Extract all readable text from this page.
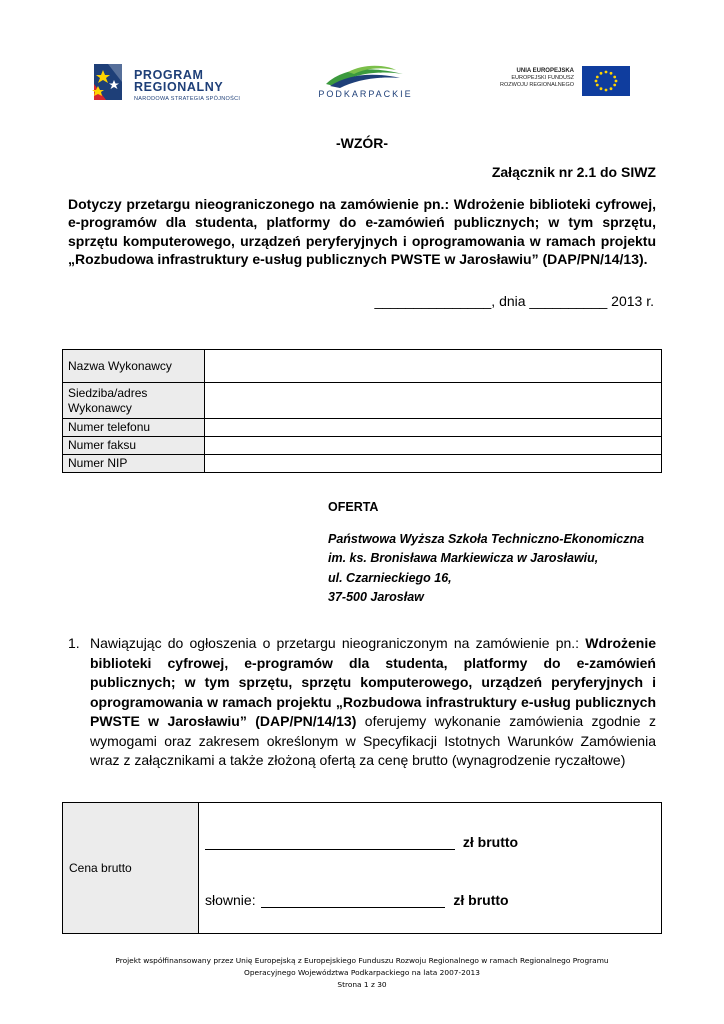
PROGRAM
REGIONALNY
NARODOWA STRATEGIA SPÓJNOŚCI	PODKARPACKIE
UNIA EUROPEJSKA
EUROPEJSKI FUNDUSZ
ROZWOJU REGIONALNEGO
-WZÓR-
Załącznik nr 2.1 do SIWZ
Dotyczy przetargu nieograniczonego na zamówienie pn.: Wdrożenie biblioteki cyfrowej, e-programów dla studenta, platformy do e-zamówień publicznych; w tym sprzętu, sprzętu komputerowego, urządzeń peryferyjnych i oprogramowania w ramach projektu „Rozbudowa infrastruktury e-usług publicznych PWSTE w Jarosławiu” (DAP/PN/14/13).
_______________, dnia __________ 2013 r.
Nazwa Wykonawcy	
Siedziba/adres Wykonawcy	
Numer telefonu	
Numer faksu	
Numer NIP	
OFERTA
Państwowa Wyższa Szkoła Techniczno-Ekonomiczna
im. ks. Bronisława Markiewicza w Jarosławiu,
ul. Czarnieckiego 16,
37-500 Jarosław
1. Nawiązując do ogłoszenia o przetargu nieograniczonym na zamówienie pn.: Wdrożenie biblioteki cyfrowej, e-programów dla studenta, platformy do e-zamówień publicznych; w tym sprzętu, sprzętu komputerowego, urządzeń peryferyjnych i oprogramowania w ramach projektu „Rozbudowa infrastruktury e-usług publicznych PWSTE w Jarosławiu” (DAP/PN/14/13) oferujemy wykonanie zamówienia zgodnie z wymogami oraz zakresem określonym w Specyfikacji Istotnych Warunków Zamówienia wraz z załącznikami a także złożoną ofertą za cenę brutto (wynagrodzenie ryczałtowe)
Cena brutto	
zł brutto
słownie:	zł brutto
Projekt współfinansowany przez Unię Europejską z Europejskiego Funduszu Rozwoju Regionalnego w ramach Regionalnego Programu
Operacyjnego Województwa Podkarpackiego na lata 2007-2013
Strona 1 z 30
